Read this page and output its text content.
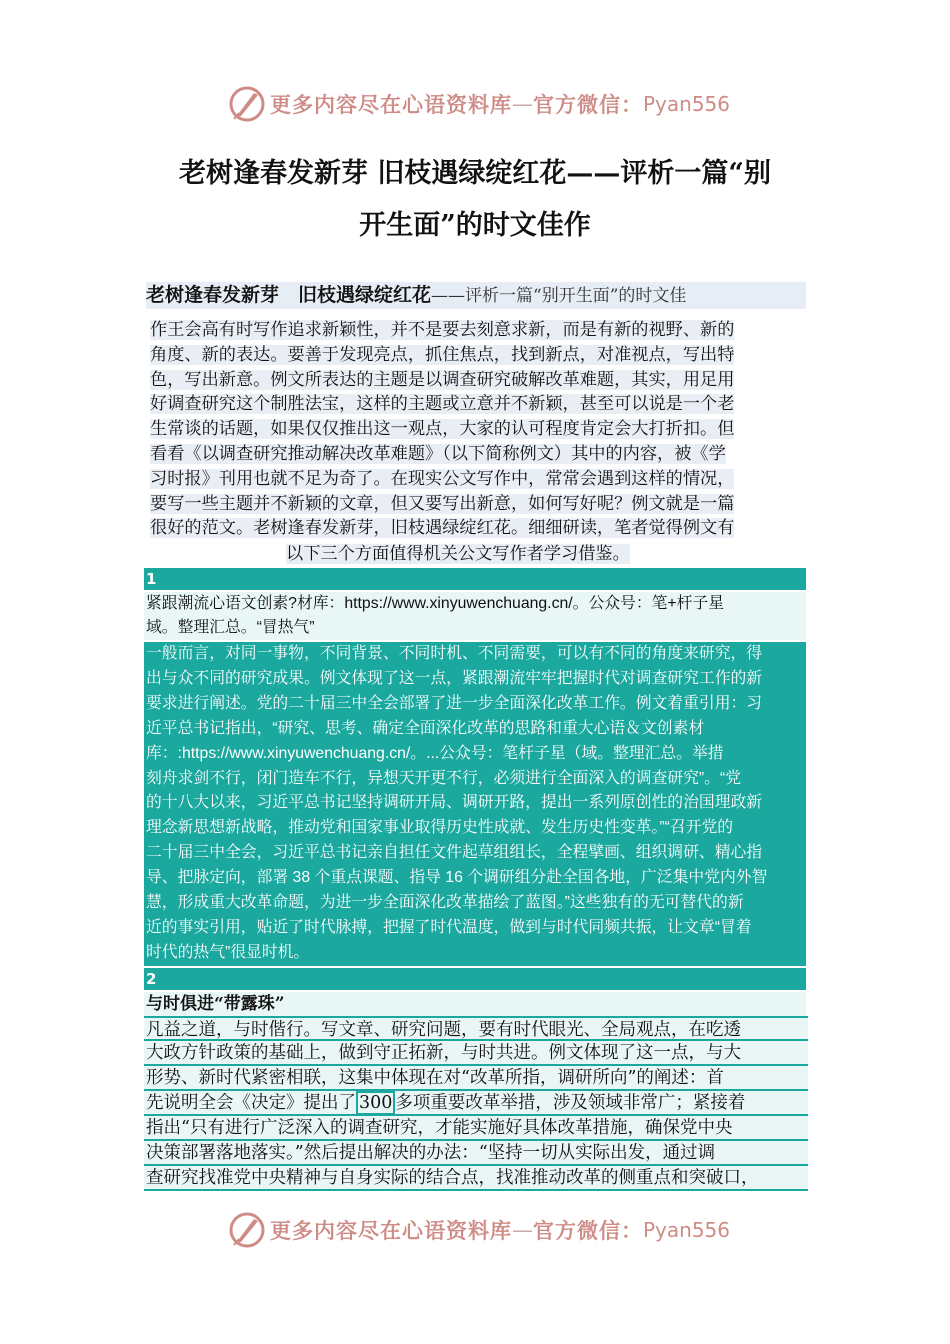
更多内容尽在心语资料库 — 官方微信： Pyan556
老树逢春发新芽 旧枝遇绿绽红花——评析一篇“别
开生面”的时文佳作
老树逢春发新芽　旧枝遇绿绽红花——评析一篇“别开生面”的时文佳
作王会高有时写作追求新颖性，并不是要去刻意求新，而是有新的视野、新的
角度、新的表达。要善于发现亮点，抓住焦点，找到新点，对准视点，写出特
色，写出新意。例文所表达的主题是以调查研究破解改革难题，其实，用足用
好调查研究这个制胜法宝，这样的主题或立意并不新颖，甚至可以说是一个老
生常谈的话题，如果仅仅推出这一观点，大家的认可程度肯定会大打折扣。但
看看《以调查研究推动解决改革难题》（以下简称例文）其中的内容，被《学
习时报》刊用也就不足为奇了。在现实公文写作中，常常会遇到这样的情况，
要写一些主题并不新颖的文章，但又要写出新意，如何写好呢？例文就是一篇
很好的范文。老树逢春发新芽，旧枝遇绿绽红花。细细研读，笔者觉得例文有
以下三个方面值得机关公文写作者学习借鉴。
1
紧跟潮流心语文创素?材库：https://www.xinyuwenchuang.cn/。公众号：笔+杆子星
域。整理汇总。“冒热气”
一般而言，对同一事物，不同背景、不同时机、不同需要，可以有不同的角度来研究，得
出与众不同的研究成果。例文体现了这一点，紧跟潮流牢牢把握时代对调查研究工作的新
要求进行阐述。党的二十届三中全会部署了进一步全面深化改革工作。例文着重引用：习
近平总书记指出，“研究、思考、确定全面深化改革的思路和重大心语＆文创素材
库：:https://www.xinyuwenchuang.cn/。...公众号：笔杆子星（域。整理汇总。举措
刻舟求剑不行，闭门造车不行，异想天开更不行，必须进行全面深入的调查研究”。“党
的十八大以来，习近平总书记坚持调研开局、调研开路，提出一系列原创性的治国理政新
理念新思想新战略，推动党和国家事业取得历史性成就、发生历史性变革。”“召开党的
二十届三中全会，习近平总书记亲自担任文件起草组组长，全程擘画、组织调研、精心指
导、把脉定向，部署 38 个重点课题、指导 16 个调研组分赴全国各地，广泛集中党内外智
慧，形成重大改革命题，为进一步全面深化改革描绘了蓝图。”这些独有的无可替代的新
近的事实引用，贴近了时代脉搏，把握了时代温度，做到与时代同频共振，让文章“冒着
时代的热气”很显时机。
2
与时俱进“带露珠”
凡益之道，与时偕行。写文章、研究问题，要有时代眼光、全局观点，在吃透
大政方针政策的基础上，做到守正拓新，与时共进。例文体现了这一点，与大
形势、新时代紧密相联，这集中体现在对“改革所指，调研所向”的阐述：首
先说明全会《决定》提出了 300 多项重要改革举措，涉及领域非常广；紧接着
指出“只有进行广泛深入的调查研究，才能实施好具体改革措施，确保党中央
决策部署落地落实。”然后提出解决的办法：“坚持一切从实际出发，通过调
查研究找准党中央精神与自身实际的结合点，找准推动改革的侧重点和突破口，
更多内容尽在心语资料库 — 官方微信： Pyan556
